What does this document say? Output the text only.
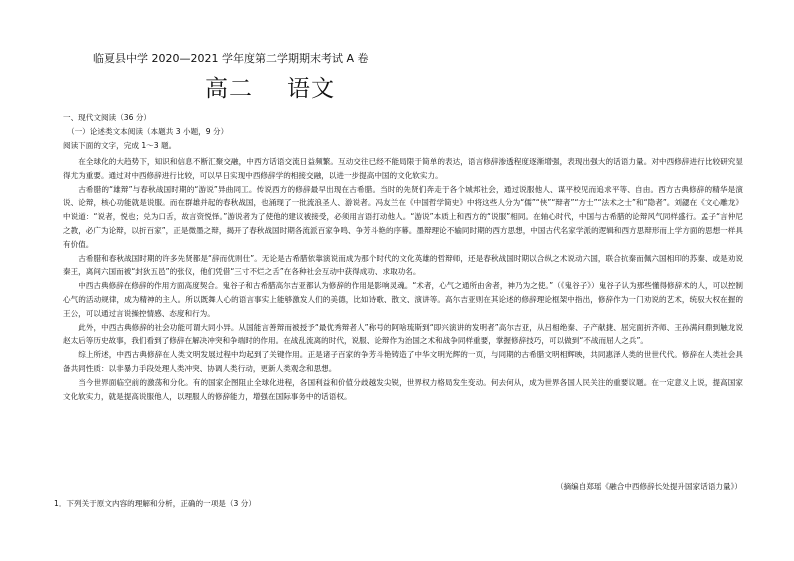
临夏县中学 2020—2021 学年度第二学期期末考试 A 卷
高二 语文
一、现代文阅读（36 分）
（一）论述类文本阅读（本题共 3 小题，9 分）
阅读下面的文字，完成 1～3 题。

在全球化的大趋势下，知识和信息不断汇聚交融，中西方话语交流日益频繁。互动交往已经不能局限于简单的表达，语言修辞渗透程度逐渐增强，表现出强大的话语力量。对中西修辞进行比较研究显得尤为重要。通过对中西修辞进行比较，可以早日实现中西修辞学的相接交融，以进一步提高中国的文化软实力。

古希腊的“雄辩”与春秋战国时期的“游说”异曲同工。传说西方的修辞最早出现在古希腊。当时的先贤们奔走于各个城邦社会，通过说服他人、谋平校见而追求平等、自由。西方古典修辞的精华是演说、论辩，核心功能就是说服。而在群雄并起的春秋战国，也涌现了一批流浪圣人、游说者。冯友兰在《中国哲学简史》中将这些人分为“儒”“侠”“辩者”“方士”“法术之士”和“隐者”。刘勰在《文心雕龙》中说道：“说者，悦也；兑为口舌，故言资悦怿。”游说者为了使他的建议被接受，必须用言语打动他人。“游说”本质上和西方的“说服”相同。在轴心时代，中国与古希腊的论辩风气同样盛行。孟子“言仲尼之教，必广为论辩，以折百家”，正是微墨之辩，揭开了春秋战国时期各流派百家争鸣、争芳斗艳的序幕。墨辩理论不输同时期的西方思想，中国古代名家学派的逻辑和西方思辩形而上学方面的思想一样具有价值。

古希腊和春秋战国时期的许多先贤都是“辞而优则仕”。无论是古希腊依靠演说而成为那个时代的文化英雄的哲辩师，还是春秋战国时期以合纵之术说动六国，联合抗秦而佩六国相印的苏秦、或是劝说秦王，离间六国而被“封狄五邑”的张仪，他们凭借“三寸不烂之舌”在各种社会互动中获得成功、求取功名。

中西古典修辞在修辞的作用方面高度契合。鬼谷子和古希腊高尔吉亚都认为修辞的作用是影响灵魂。“术者，心气之通所由舍者，神乃为之使。”（《鬼谷子》）鬼谷子认为那些懂得修辞术的人，可以控制心气的活动规律，成为精神的主人。所以既舞人心的语言事实上能够激发人们的美德，比如诗歌、散文、演讲等。高尔吉亚则在其论述的修辞理论框架中指出，修辞作为一门劝说的艺术，统驭大权在握的王公，可以通过言说操控情感、态度和行为。

此外，中西古典修辞的社会功能可谓大同小异。从国能言善辩而被授予“最优秀辩者人”称号的阿啥琉斯到“即兴演讲的发明者”高尔吉亚，从吕相绝秦、子产献捷、屈完面折齐师、王孙满问鼎到触龙说赵太后等历史故事，我们看到了修辞在解决冲突和争端时的作用。在战乱流离的时代，说服、论辩作为治国之术和战争同样重要，掌握修辞技巧，可以做到“不战而屈人之兵”。

综上所述，中西古典修辞在人类文明发展过程中均起到了关键作用。正是诸子百家的争芳斗艳铸造了中华文明光辉的一页，与同期的古希腊文明相辉映，共同惠泽人类的世世代代。修辞在人类社会具备共同性质：以非暴力手段处理人类冲突、协调人类行动，更新人类观念和思想。

当今世界面临空前的激荡和分化。有的国家企图阻止全球化进程，各国利益和价值分歧越发尖锐，世界权力格局发生变动。何去何从，成为世界各国人民关注的重要议题。在一定意义上说，提高国家文化软实力，就是提高说服他人，以理服人的修辞能力，增强在国际事务中的话语权。

（摘编自郑瑶《融合中西修辞长处提升国家话语力量》）
1．下列关于原文内容的理解和分析，正确的一项是（3 分）
